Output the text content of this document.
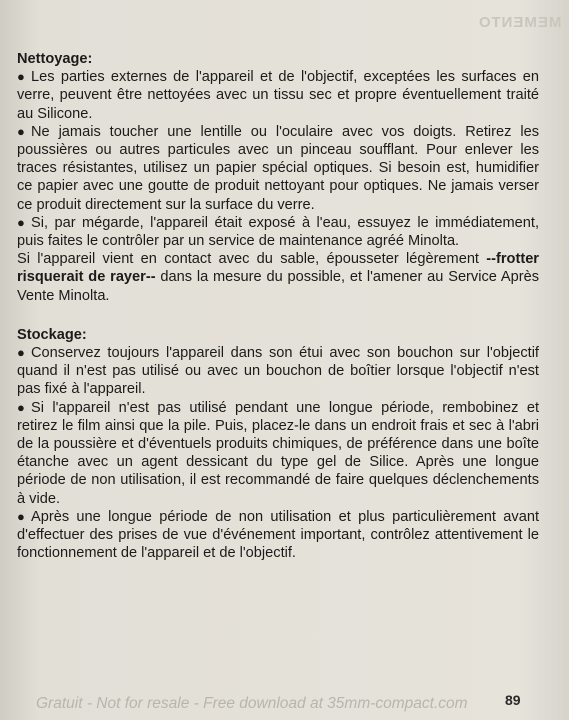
MEMENTO

Nettoyage:

● Les parties externes de l'appareil et de l'objectif, exceptées les surfaces en verre, peuvent être nettoyées avec un tissu sec et propre éventuellement traité au Silicone.

● Ne jamais toucher une lentille ou l'oculaire avec vos doigts. Retirez les poussières ou autres particules avec un pinceau soufflant. Pour enlever les traces résistantes, utilisez un papier spécial optiques. Si besoin est, humidifier ce papier avec une goutte de produit nettoyant pour optiques. Ne jamais verser ce produit directement sur la surface du verre.

● Si, par mégarde, l'appareil était exposé à l'eau, essuyez le immédiatement, puis faites le contrôler par un service de maintenance agréé Minolta.

Si l'appareil vient en contact avec du sable, épousseter légèrement --frotter risquerait de rayer-- dans la mesure du possible, et l'amener au Service Après Vente Minolta.

Stockage:

● Conservez toujours l'appareil dans son étui avec son bouchon sur l'objectif quand il n'est pas utilisé ou avec un bouchon de boîtier lorsque l'objectif n'est pas fixé à l'appareil.

● Si l'appareil n'est pas utilisé pendant une longue période, rembobinez et retirez le film ainsi que la pile. Puis, placez-le dans un endroit frais et sec à l'abri de la poussière et d'éventuels produits chimiques, de préférence dans une boîte étanche avec un agent dessicant du type gel de Silice. Après une longue période de non utilisation, il est recommandé de faire quelques déclenchements à vide.

● Après une longue période de non utilisation et plus particulièrement avant d'effectuer des prises de vue d'événement important, contrôlez attentivement le fonctionnement de l'appareil et de l'objectif.

Gratuit - Not for resale - Free download at 35mm-compact.com	89
